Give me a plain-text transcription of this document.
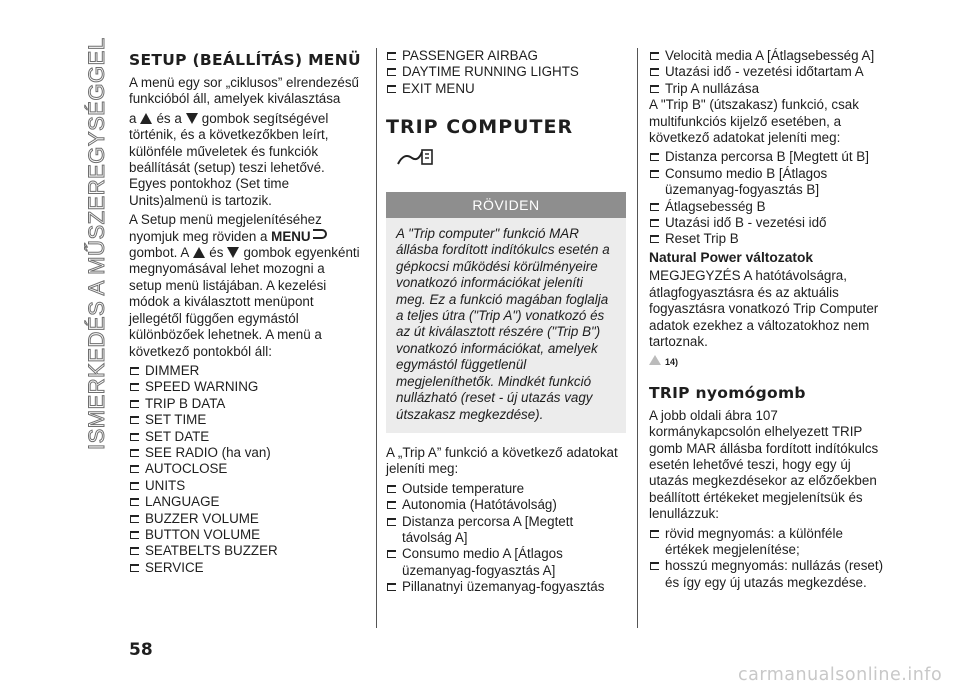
ISMERKEDÉS A MŰSZEREGYSÉGGEL SETUP (BEÁLLÍTÁS) MENÜ

A menü egy sor „ciklusos” elrendezésű funkcióból áll, amelyek kiválasztása

a és a gombok segítségével történik, és a következőkben leírt, különféle műveletek és funkciók beállítását (setup) teszi lehetővé. Egyes pontokhoz (Set time Units)almenü is tartozik.

A Setup menü megjelenítéséhez nyomjuk meg röviden a MENU gombot. A és gombok egyenkénti megnyomásával lehet mozogni a setup menü listájában. A kezelési módok a kiválasztott menüpont jellegétől függően egymástól különbözőek lehetnek. A menü a következő pontokból áll:

DIMMER
SPEED WARNING
TRIP B DATA
SET TIME
SET DATE
SEE RADIO (ha van)
AUTOCLOSE
UNITS
LANGUAGE
BUZZER VOLUME
BUTTON VOLUME
SEATBELTS BUZZER
SERVICE
PASSENGER AIRBAG
DAYTIME RUNNING LIGHTS
EXIT MENU
TRIP COMPUTER
RÖVIDEN
A "Trip computer" funkció MAR állásba fordított indítókulcs esetén a gépkocsi működési körülményeire vonatkozó információkat jeleníti meg. Ez a funkció magában foglalja a teljes útra ("Trip A") vonatkozó és az út kiválasztott részére ("Trip B") vonatkozó információkat, amelyek egymástól függetlenül megjeleníthetők. Mindkét funkció nullázható (reset - új utazás vagy útszakasz megkezdése).

A „Trip A” funkció a következő adatokat jeleníti meg:

Outside temperature
Autonomia (Hatótávolság)
Distanza percorsa A [Megtett távolság A]
Consumo medio A [Átlagos üzemanyag-fogyasztás A]
Pillanatnyi üzemanyag-fogyasztás
Velocità media A [Átlagsebesség A]
Utazási idő - vezetési időtartam A
Trip A nullázása

A "Trip B" (útszakasz) funkció, csak multifunkciós kijelző esetében, a következő adatokat jeleníti meg:

Distanza percorsa B [Megtett út B]
Consumo medio B [Átlagos üzemanyag-fogyasztás B]
Átlagsebesség B
Utazási idő B - vezetési idő
Reset Trip B
Natural Power változatok

MEGJEGYZÉS A hatótávolságra, átlagfogyasztásra és az aktuális fogyasztásra vonatkozó Trip Computer adatok ezekhez a változatokhoz nem tartoznak.

14)
TRIP nyomógomb

A jobb oldali ábra 107 kormánykapcsolón elhelyezett TRIP gomb MAR állásba fordított indítókulcs esetén lehetővé teszi, hogy egy új utazás megkezdésekor az előzőekben beállított értékeket megjelenítsük és lenullázzuk:

rövid megnyomás: a különféle értékek megjelenítése;
hosszú megnyomás: nullázás (reset) és így egy új utazás megkezdése.
58
carmanualsonline.info
